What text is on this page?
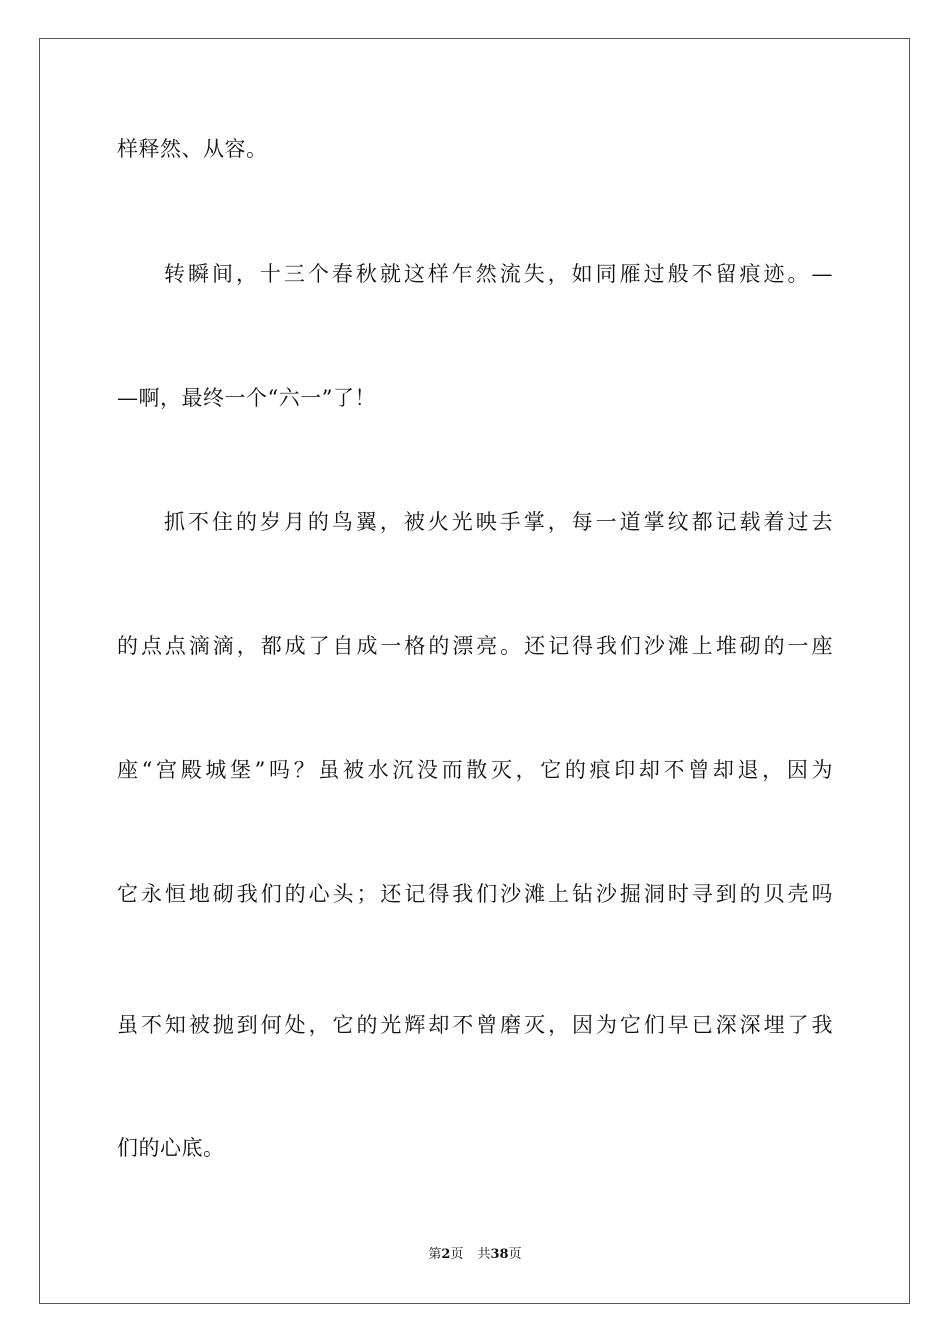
样释然、从容。
转瞬间，十三个春秋就这样乍然流失，如同雁过般不留痕迹。—
—啊，最终一个“六一”了！
抓不住的岁月的鸟翼，被火光映手掌，每一道掌纹都记载着过去
的点点滴滴，都成了自成一格的漂亮。还记得我们沙滩上堆砌的一座
座“宫殿城堡”吗？虽被水沉没而散灭，它的痕印却不曾却退，因为
它永恒地砌我们的心头；还记得我们沙滩上钻沙掘洞时寻到的贝壳吗
虽不知被抛到何处，它的光辉却不曾磨灭，因为它们早已深深埋了我
们的心底。
第2页 共38页
